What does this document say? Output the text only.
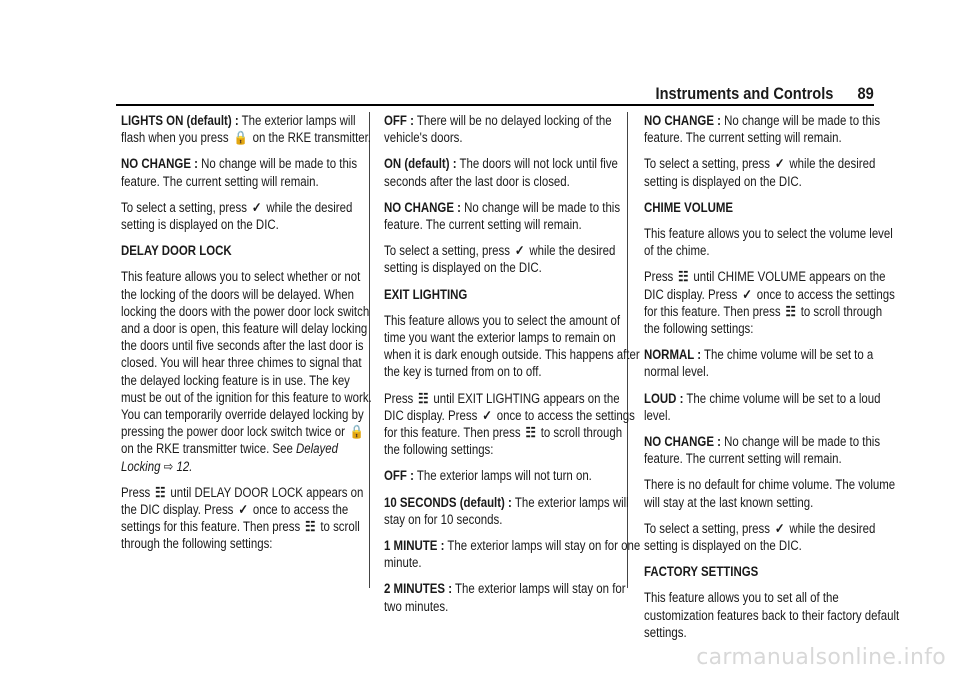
Instruments and Controls 89

LIGHTS ON (default) : The exterior lamps will flash when you press 🔒 on the RKE transmitter.

NO CHANGE : No change will be made to this feature. The current setting will remain.

To select a setting, press ✓ while the desired setting is displayed on the DIC.

DELAY DOOR LOCK

This feature allows you to select whether or not the locking of the doors will be delayed. When locking the doors with the power door lock switch and a door is open, this feature will delay locking the doors until five seconds after the last door is closed. You will hear three chimes to signal that the delayed locking feature is in use. The key must be out of the ignition for this feature to work. You can temporarily override delayed locking by pressing the power door lock switch twice or 🔒 on the RKE transmitter twice. See Delayed Locking ⇨ 12.

Press ☷ until DELAY DOOR LOCK appears on the DIC display. Press ✓ once to access the settings for this feature. Then press ☷ to scroll through the following settings:

OFF : There will be no delayed locking of the vehicle's doors.

ON (default) : The doors will not lock until five seconds after the last door is closed.

NO CHANGE : No change will be made to this feature. The current setting will remain.

To select a setting, press ✓ while the desired setting is displayed on the DIC.

EXIT LIGHTING

This feature allows you to select the amount of time you want the exterior lamps to remain on when it is dark enough outside. This happens after the key is turned from on to off.

Press ☷ until EXIT LIGHTING appears on the DIC display. Press ✓ once to access the settings for this feature. Then press ☷ to scroll through the following settings:

OFF : The exterior lamps will not turn on.

10 SECONDS (default) : The exterior lamps will stay on for 10 seconds.

1 MINUTE : The exterior lamps will stay on for one minute.

2 MINUTES : The exterior lamps will stay on for two minutes.

NO CHANGE : No change will be made to this feature. The current setting will remain.

To select a setting, press ✓ while the desired setting is displayed on the DIC.

CHIME VOLUME

This feature allows you to select the volume level of the chime.

Press ☷ until CHIME VOLUME appears on the DIC display. Press ✓ once to access the settings for this feature. Then press ☷ to scroll through the following settings:

NORMAL : The chime volume will be set to a normal level.

LOUD : The chime volume will be set to a loud level.

NO CHANGE : No change will be made to this feature. The current setting will remain.

There is no default for chime volume. The volume will stay at the last known setting.

To select a setting, press ✓ while the desired setting is displayed on the DIC.

FACTORY SETTINGS

This feature allows you to set all of the customization features back to their factory default settings.

carmanualsonline.info
